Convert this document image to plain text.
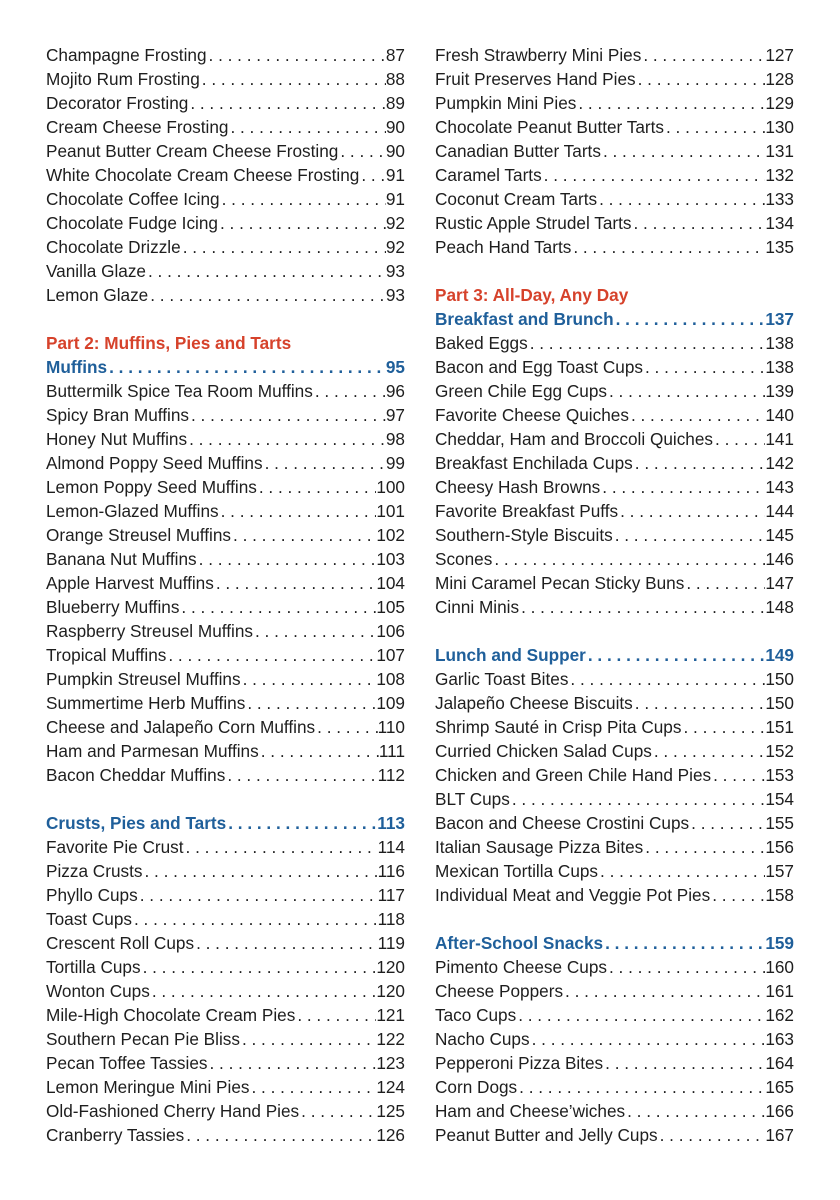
Champagne Frosting . . .	87
Mojito Rum Frosting . . .	88
Decorator Frosting . . .	89
Cream Cheese Frosting . . .	90
Peanut Butter Cream Cheese Frosting . . .	90
White Chocolate Cream Cheese Frosting . . . 91
Chocolate Coffee Icing . . .	91
Chocolate Fudge Icing . . .	92
Chocolate Drizzle . . .	92
Vanilla Glaze . . .	93
Lemon Glaze . . .	93
Part 2: Muffins, Pies and Tarts
Muffins . . .	95
Buttermilk Spice Tea Room Muffins . . .	96
Spicy Bran Muffins . . .	97
Honey Nut Muffins . . .	98
Almond Poppy Seed Muffins . . .	99
Lemon Poppy Seed Muffins . . .	100
Lemon-Glazed Muffins . . .	101
Orange Streusel Muffins . . .	102
Banana Nut Muffins . . .	103
Apple Harvest Muffins . . .	104
Blueberry Muffins . . .	105
Raspberry Streusel Muffins . . .	106
Tropical Muffins . . .	107
Pumpkin Streusel Muffins . . .	108
Summertime Herb Muffins . . .	109
Cheese and Jalapeño Corn Muffins . . .	110
Ham and Parmesan Muffins . . .	111
Bacon Cheddar Muffins . . .	112
Crusts, Pies and Tarts . . .	113
Favorite Pie Crust . . .	114
Pizza Crusts . . .	116
Phyllo Cups . . .	117
Toast Cups . . .	118
Crescent Roll Cups . . .	119
Tortilla Cups . . .	120
Wonton Cups . . .	120
Mile-High Chocolate Cream Pies . . .	121
Southern Pecan Pie Bliss . . .	122
Pecan Toffee Tassies . . .	123
Lemon Meringue Mini Pies . . .	124
Old-Fashioned Cherry Hand Pies . . .	125
Cranberry Tassies . . .	126
Fresh Strawberry Mini Pies . . .	127
Fruit Preserves Hand Pies . . .	128
Pumpkin Mini Pies . . .	129
Chocolate Peanut Butter Tarts . . .	130
Canadian Butter Tarts . . .	131
Caramel Tarts . . .	132
Coconut Cream Tarts . . .	133
Rustic Apple Strudel Tarts . . .	134
Peach Hand Tarts . . .	135
Part 3: All-Day, Any Day
Breakfast and Brunch . . .	137
Baked Eggs . . .	138
Bacon and Egg Toast Cups . . .	138
Green Chile Egg Cups . . .	139
Favorite Cheese Quiches . . .	140
Cheddar, Ham and Broccoli Quiches . . .	141
Breakfast Enchilada Cups . . .	142
Cheesy Hash Browns . . .	143
Favorite Breakfast Puffs . . .	144
Southern-Style Biscuits . . .	145
Scones . . .	146
Mini Caramel Pecan Sticky Buns . . .	147
Cinni Minis . . .	148
Lunch and Supper . . .	149
Garlic Toast Bites . . .	150
Jalapeño Cheese Biscuits . . .	150
Shrimp Sauté in Crisp Pita Cups . . .	151
Curried Chicken Salad Cups . . .	152
Chicken and Green Chile Hand Pies . . .	153
BLT Cups . . .	154
Bacon and Cheese Crostini Cups . . .	155
Italian Sausage Pizza Bites . . .	156
Mexican Tortilla Cups . . .	157
Individual Meat and Veggie Pot Pies . . .	158
After-School Snacks . . .	159
Pimento Cheese Cups . . .	160
Cheese Poppers . . .	161
Taco Cups . . .	162
Nacho Cups . . .	163
Pepperoni Pizza Bites . . .	164
Corn Dogs . . .	165
Ham and Cheese’wiches . . .	166
Peanut Butter and Jelly Cups . . .	167
